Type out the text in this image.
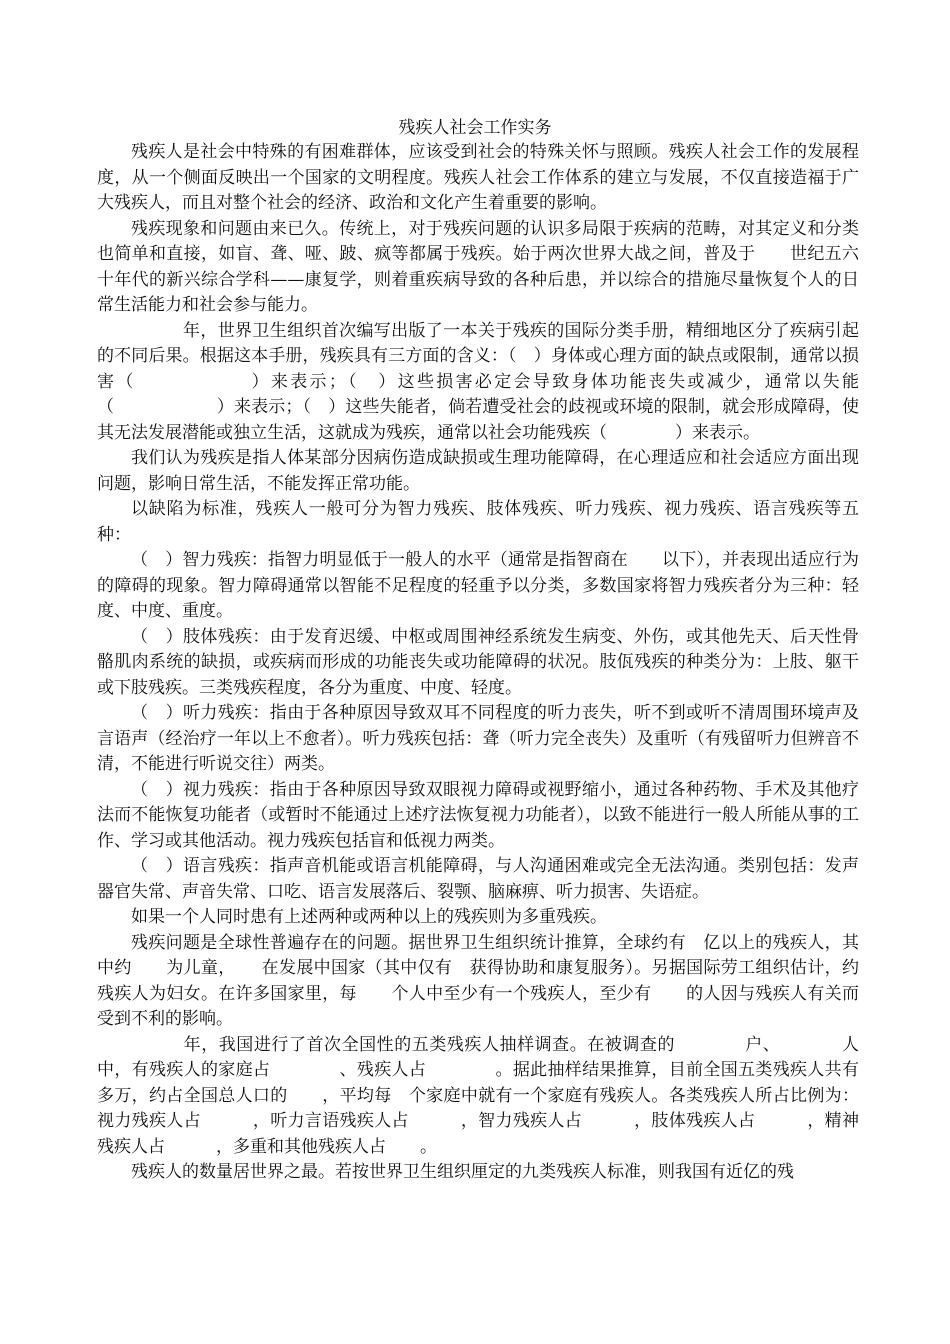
残疾人社会工作实务

残疾人是社会中特殊的有困难群体，应该受到社会的特殊关怀与照顾。残疾人社会工作的发展程度，从一个侧面反映出一个国家的文明程度。残疾人社会工作体系的建立与发展，不仅直接造福于广大残疾人，而且对整个社会的经济、政治和文化产生着重要的影响。

残疾现象和问题由来已久。传统上，对于残疾问题的认识多局限于疾病的范畴，对其定义和分类也简单和直接，如盲、聋、哑、跛、疯等都属于残疾。始于两次世界大战之间，普及于　　世纪五六十年代的新兴综合学科——康复学，则着重疾病导致的各种后患，并以综合的措施尽量恢复个人的日常生活能力和社会参与能力。

　　　年，世界卫生组织首次编写出版了一本关于残疾的国际分类手册，精细地区分了疾病引起的不同后果。根据这本手册，残疾具有三方面的含义：（　）身体或心理方面的缺点或限制，通常以损害（　　　　　　）来表示；（　）这些损害必定会导致身体功能丧失或减少，通常以失能（　　　　　　）来表示；（　）这些失能者，倘若遭受社会的歧视或环境的限制，就会形成障碍，使其无法发展潜能或独立生活，这就成为残疾，通常以社会功能残疾（　　　　）来表示。

我们认为残疾是指人体某部分因病伤造成缺损或生理功能障碍，在心理适应和社会适应方面出现问题，影响日常生活，不能发挥正常功能。

以缺陷为标准，残疾人一般可分为智力残疾、肢体残疾、听力残疾、视力残疾、语言残疾等五种：

（　）智力残疾：指智力明显低于一般人的水平（通常是指智商在　　以下），并表现出适应行为的障碍的现象。智力障碍通常以智能不足程度的轻重予以分类，多数国家将智力残疾者分为三种：轻度、中度、重度。

（　）肢体残疾：由于发育迟缓、中枢或周围神经系统发生病变、外伤，或其他先天、后天性骨骼肌肉系统的缺损，或疾病而形成的功能丧失或功能障碍的状况。肢佤残疾的种类分为：上肢、躯干或下肢残疾。三类残疾程度，各分为重度、中度、轻度。

（　）听力残疾：指由于各种原因导致双耳不同程度的听力丧失，听不到或听不清周围环境声及言语声（经治疗一年以上不愈者）。听力残疾包括：聋（听力完全丧失）及重听（有残留听力但辨音不清，不能进行听说交往）两类。

（　）视力残疾：指由于各种原因导致双眼视力障碍或视野缩小，通过各种药物、手术及其他疗法而不能恢复功能者（或暂时不能通过上述疗法恢复视力功能者），以致不能进行一般人所能从事的工作、学习或其他活动。视力残疾包括盲和低视力两类。

（　）语言残疾：指声音机能或语言机能障碍，与人沟通困难或完全无法沟通。类别包括：发声器官失常、声音失常、口吃、语言发展落后、裂颚、脑麻痹、听力损害、失语症。

如果一个人同时患有上述两种或两种以上的残疾则为多重残疾。

残疾问题是全球性普遍存在的问题。据世界卫生组织统计推算，全球约有　亿以上的残疾人，其中约　　为儿童，　　在发展中国家（其中仅有　获得协助和康复服务）。另据国际劳工组织估计，约　　残疾人为妇女。在许多国家里，每　　个人中至少有一个残疾人，至少有　　的人因与残疾人有关而受到不利的影响。

　　　年，我国进行了首次全国性的五类残疾人抽样调查。在被调查的　　　　户、　　　　人中，有残疾人的家庭占　　　　、残疾人占　　　　。据此抽样结果推算，目前全国五类残疾人共有　　　多万，约占全国总人口的　　，平均每　个家庭中就有一个家庭有残疾人。各类残疾人所占比例为：视力残疾人占　　　，听力言语残疾人占　　　，智力残疾人占　　　，肢体残疾人占　　　，精神残疾人占　　　，多重和其他残疾人占　　。

残疾人的数量居世界之最。若按世界卫生组织厘定的九类残疾人标准，则我国有近亿的残
